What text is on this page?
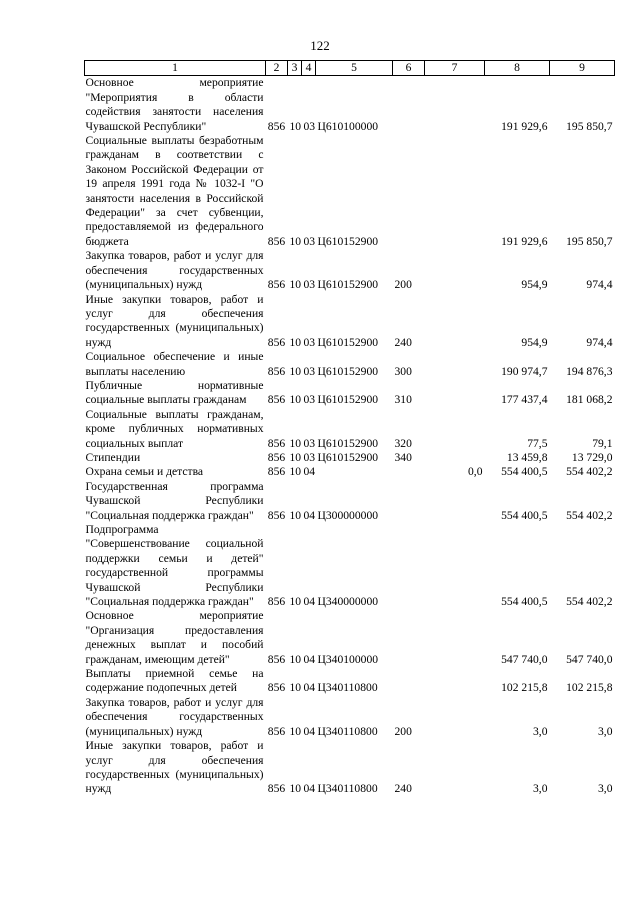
122
1	2	3	4	5	6	7	8	9
Основное мероприятие "Мероприятия в области содействия занятости населения Чувашской Республики"	856	10	03	Ц610100000			191 929,6	195 850,7
Социальные выплаты безработным гражданам в соответствии с Законом Российской Федерации от 19 апреля 1991 года № 1032-I "О занятости населения в Российской Федерации" за счет субвенции, предоставляемой из федерального бюджета	856	10	03	Ц610152900			191 929,6	195 850,7
Закупка товаров, работ и услуг для обеспечения государственных (муниципальных) нужд	856	10	03	Ц610152900	200		954,9	974,4
Иные закупки товаров, работ и услуг для обеспечения государственных (муниципальных) нужд	856	10	03	Ц610152900	240		954,9	974,4
Социальное обеспечение и иные выплаты населению	856	10	03	Ц610152900	300		190 974,7	194 876,3
Публичные нормативные социальные выплаты гражданам	856	10	03	Ц610152900	310		177 437,4	181 068,2
Социальные выплаты гражданам, кроме публичных нормативных социальных выплат	856	10	03	Ц610152900	320		77,5	79,1
Стипендии	856	10	03	Ц610152900	340		13 459,8	13 729,0
Охрана семьи и детства	856	10	04			0,0	554 400,5	554 402,2
Государственная программа Чувашской Республики "Социальная поддержка граждан"	856	10	04	Ц300000000			554 400,5	554 402,2
Подпрограмма "Совершенствование социальной поддержки семьи и детей" государственной программы Чувашской Республики "Социальная поддержка граждан"	856	10	04	Ц340000000			554 400,5	554 402,2
Основное мероприятие "Организация предоставления денежных выплат и пособий гражданам, имеющим детей"	856	10	04	Ц340100000			547 740,0	547 740,0
Выплаты приемной семье на содержание подопечных детей	856	10	04	Ц340110800			102 215,8	102 215,8
Закупка товаров, работ и услуг для обеспечения государственных (муниципальных) нужд	856	10	04	Ц340110800	200		3,0	3,0
Иные закупки товаров, работ и услуг для обеспечения государственных (муниципальных) нужд	856	10	04	Ц340110800	240		3,0	3,0
